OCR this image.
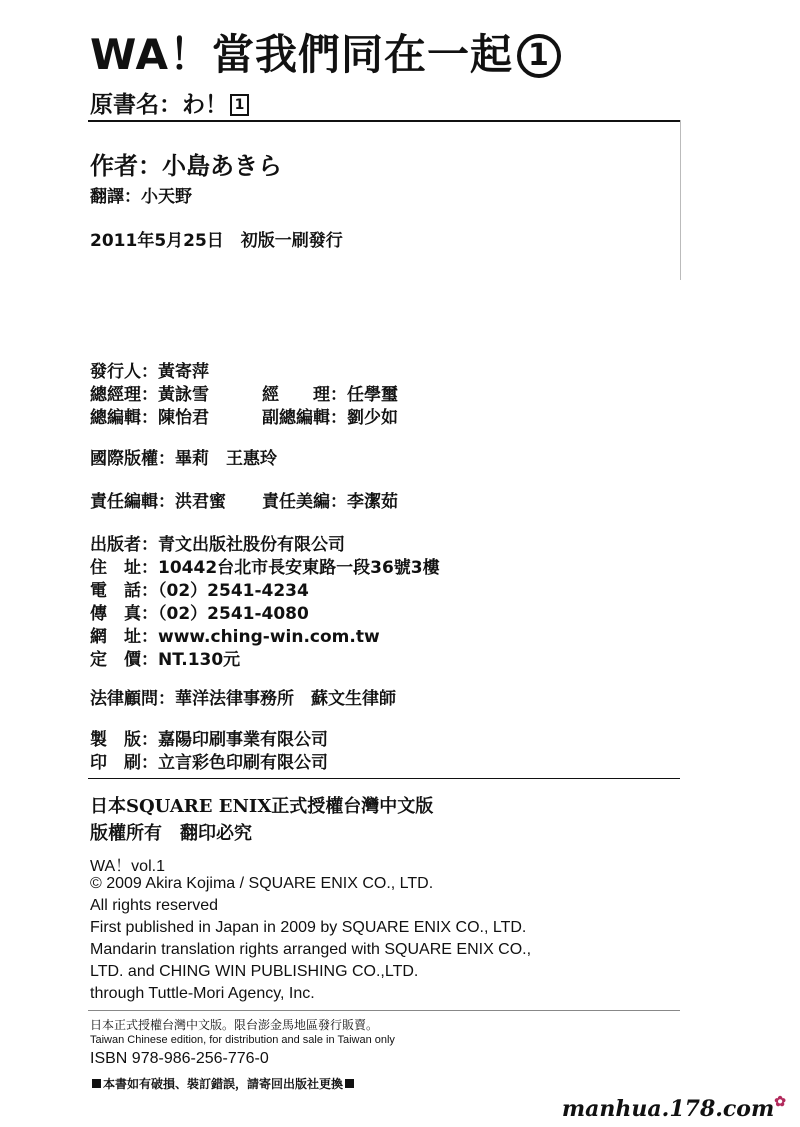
WA！當我們同在一起 1
原書名：わ！ 1
作者：小島あきら
翻譯：小天野
2011年5月25日　初版一刷發行
發行人：黃寄萍
總經理：黃詠雪	經　　理：任學璽
總編輯：陳怡君	副總編輯：劉少如
國際版權：畢莉　王惠玲
責任編輯：洪君蜜 責任美編：李潔茹
出版者：青文出版社股份有限公司
住　址：10442台北市長安東路一段36號3樓
電　話：（02）2541-4234
傳　真：（02）2541-4080
網　址：www.ching-win.com.tw
定　價：NT.130元
法律顧問：華洋法律事務所　蘇文生律師
製　版：嘉陽印刷事業有限公司
印　刷：立言彩色印刷有限公司
日本SQUARE ENIX正式授權台灣中文版
版權所有　翻印必究
WA！vol.1
© 2009 Akira Kojima / SQUARE ENIX CO., LTD.
All rights reserved
First published in Japan in 2009 by SQUARE ENIX CO., LTD.
Mandarin translation rights arranged with SQUARE ENIX CO.,
LTD. and CHING WIN PUBLISHING CO.,LTD.
through Tuttle-Mori Agency, Inc.
日本正式授權台灣中文版。限台澎金馬地區發行販賣。
Taiwan Chinese edition, for distribution and sale in Taiwan only
ISBN 978-986-256-776-0
本書如有破損、裝訂錯誤，請寄回出版社更換
manhua.178.com✿
